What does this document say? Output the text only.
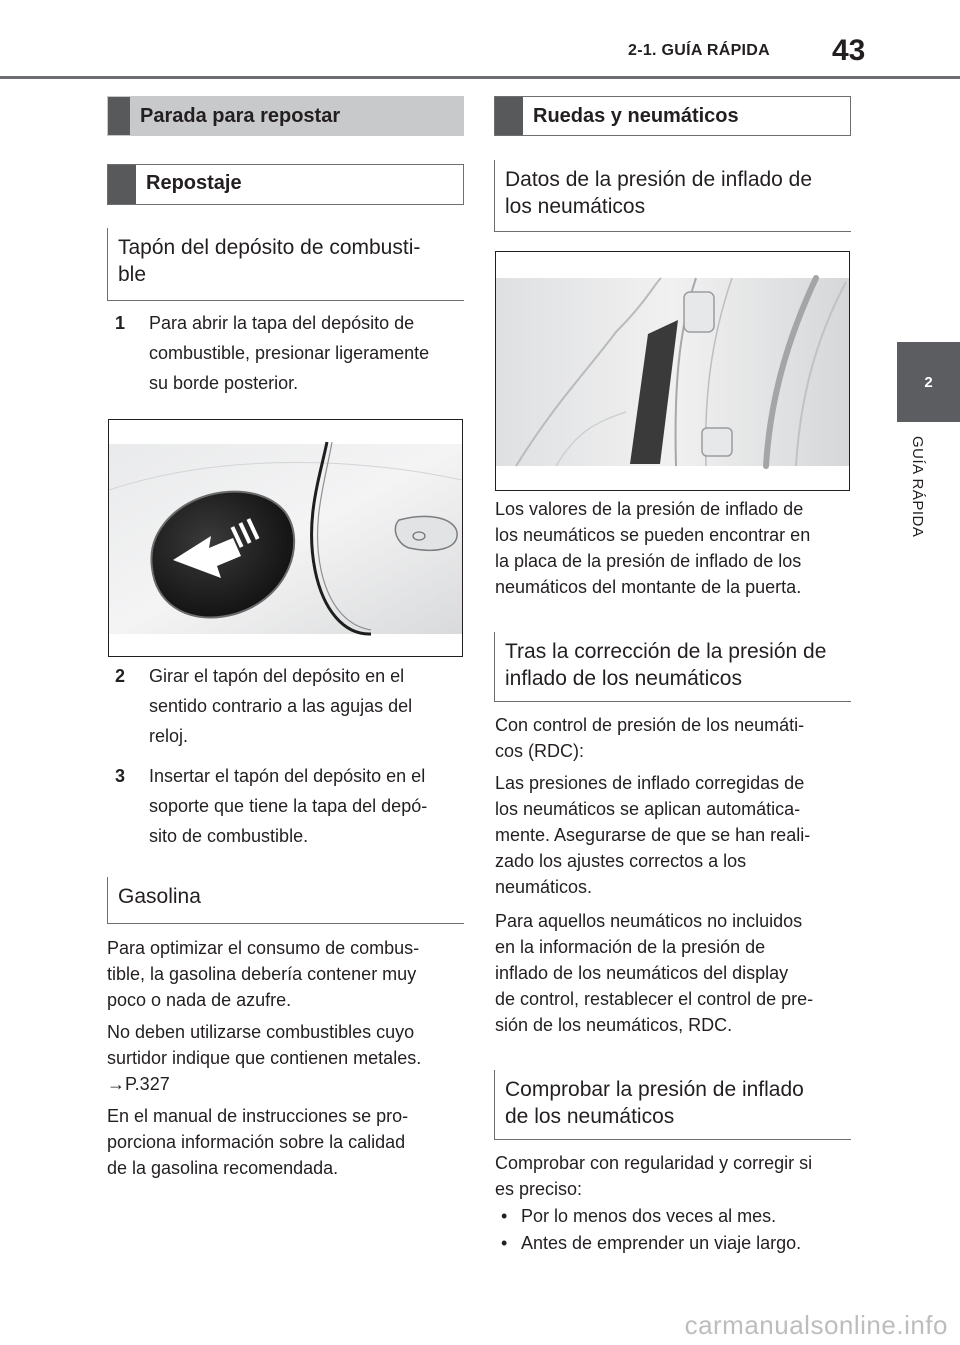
2-1. GUÍA RÁPIDA 43
2
GUÍA RÁPIDA
Parada para repostar
Repostaje
Tapón del depósito de combusti-
ble
1 Para abrir la tapa del depósito de
combustible, presionar ligeramente
su borde posterior.
2 Girar el tapón del depósito en el
sentido contrario a las agujas del
reloj.
3 Insertar el tapón del depósito en el
soporte que tiene la tapa del depó-
sito de combustible.
Gasolina

Para optimizar el consumo de combus-
tible, la gasolina debería contener muy
poco o nada de azufre.

No deben utilizarse combustibles cuyo
surtidor indique que contienen metales.
→P.327

En el manual de instrucciones se pro-
porciona información sobre la calidad
de la gasolina recomendada.

Ruedas y neumáticos
Datos de la presión de inflado de
los neumáticos

Los valores de la presión de inflado de
los neumáticos se pueden encontrar en
la placa de la presión de inflado de los
neumáticos del montante de la puerta.

Tras la corrección de la presión de
inflado de los neumáticos

Con control de presión de los neumáti-
cos (RDC):

Las presiones de inflado corregidas de
los neumáticos se aplican automática-
mente. Asegurarse de que se han reali-
zado los ajustes correctos a los
neumáticos.

Para aquellos neumáticos no incluidos
en la información de la presión de
inflado de los neumáticos del display
de control, restablecer el control de pre-
sión de los neumáticos, RDC.

Comprobar la presión de inflado
de los neumáticos

Comprobar con regularidad y corregir si
es preciso:

• Por lo menos dos veces al mes.
• Antes de emprender un viaje largo.
carmanualsonline.info
